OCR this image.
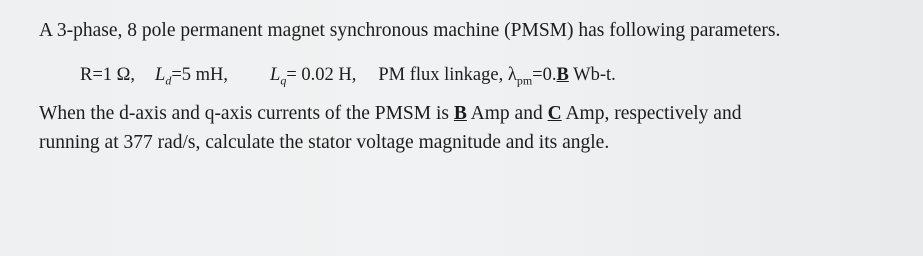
A 3-phase, 8 pole permanent magnet synchronous machine (PMSM) has following parameters.
R=1 Ω, $L_d=5$ mH, $L_q= 0.02$ H, PM flux linkage, $\lambda_{pm}=0.B$ Wb-t.
When the d-axis and q-axis currents of the PMSM is B Amp and C Amp, respectively and
running at 377 rad/s, calculate the stator voltage magnitude and its angle.
